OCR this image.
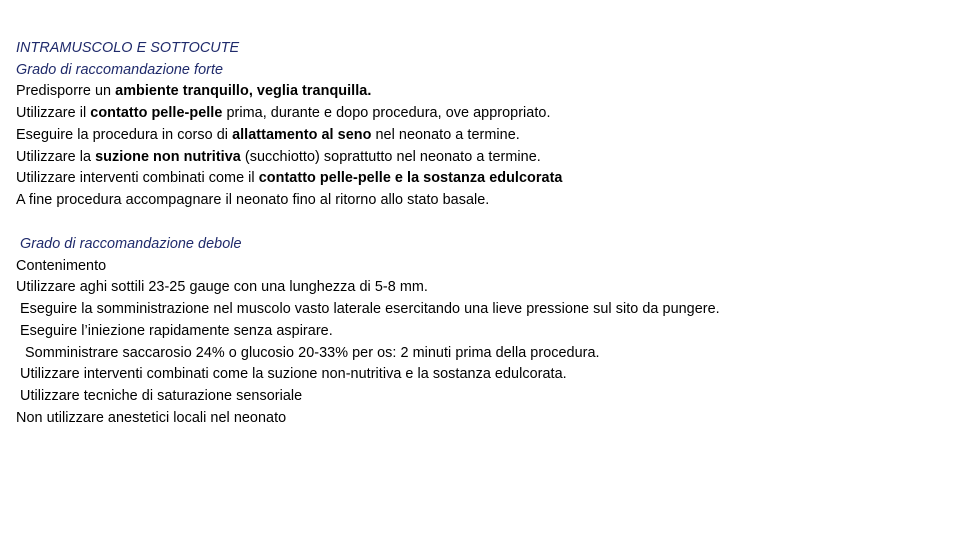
INTRAMUSCOLO E SOTTOCUTE
Grado di raccomandazione forte
Predisporre un ambiente tranquillo, veglia tranquilla.
Utilizzare il contatto pelle-pelle prima, durante e dopo procedura, ove appropriato.
Eseguire la procedura in corso di allattamento al seno nel neonato a termine.
Utilizzare la suzione non nutritiva (succhiotto) soprattutto nel neonato a termine.
Utilizzare interventi combinati come il contatto pelle-pelle e la sostanza edulcorata
A fine procedura accompagnare il neonato fino al ritorno allo stato basale.
Grado di raccomandazione debole
Contenimento
Utilizzare aghi sottili 23-25 gauge con una lunghezza di 5-8 mm.
Eseguire la somministrazione nel muscolo vasto laterale esercitando una lieve pressione sul sito da pungere.
Eseguire l’iniezione rapidamente senza aspirare.
Somministrare saccarosio 24% o glucosio 20-33% per os: 2 minuti prima della procedura.
Utilizzare interventi combinati come la suzione non-nutritiva e la sostanza edulcorata.
Utilizzare tecniche di saturazione sensoriale
Non utilizzare anestetici locali nel neonato
